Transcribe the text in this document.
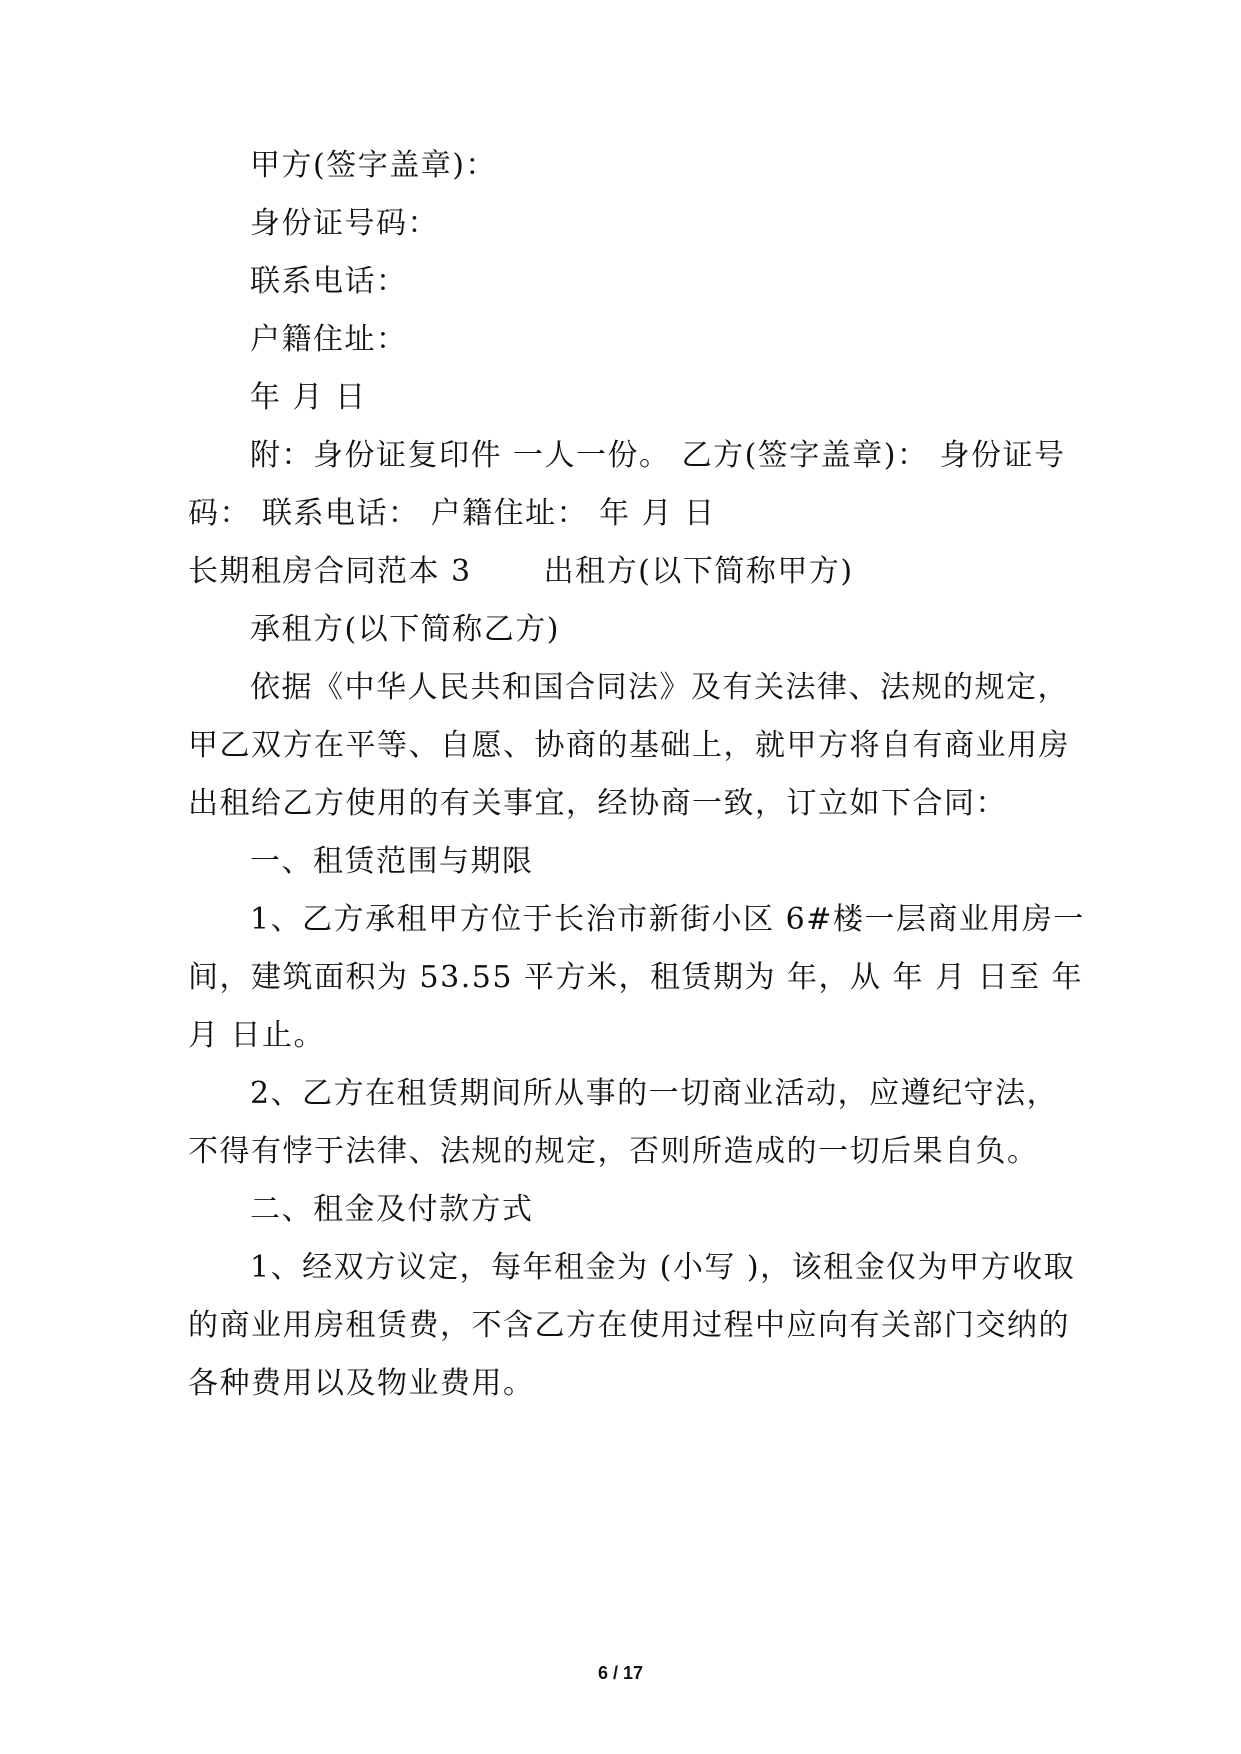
甲方(签字盖章)：
身份证号码：
联系电话：
户籍住址：
年 月 日
附：身份证复印件 一人一份。 乙方(签字盖章)： 身份证号
码： 联系电话： 户籍住址： 年 月 日
长期租房合同范本 3 出租方(以下简称甲方)
承租方(以下简称乙方)
依据《中华人民共和国合同法》及有关法律、法规的规定，
甲乙双方在平等、自愿、协商的基础上，就甲方将自有商业用房
出租给乙方使用的有关事宜，经协商一致，订立如下合同：
一、租赁范围与期限
1、乙方承租甲方位于长治市新街小区 6#楼一层商业用房一
间，建筑面积为 53.55 平方米，租赁期为 年，从 年 月 日至 年
月 日止。
2、乙方在租赁期间所从事的一切商业活动，应遵纪守法，
不得有悖于法律、法规的规定，否则所造成的一切后果自负。
二、租金及付款方式
1、经双方议定，每年租金为 (小写 )，该租金仅为甲方收取
的商业用房租赁费，不含乙方在使用过程中应向有关部门交纳的
各种费用以及物业费用。
6 / 17
